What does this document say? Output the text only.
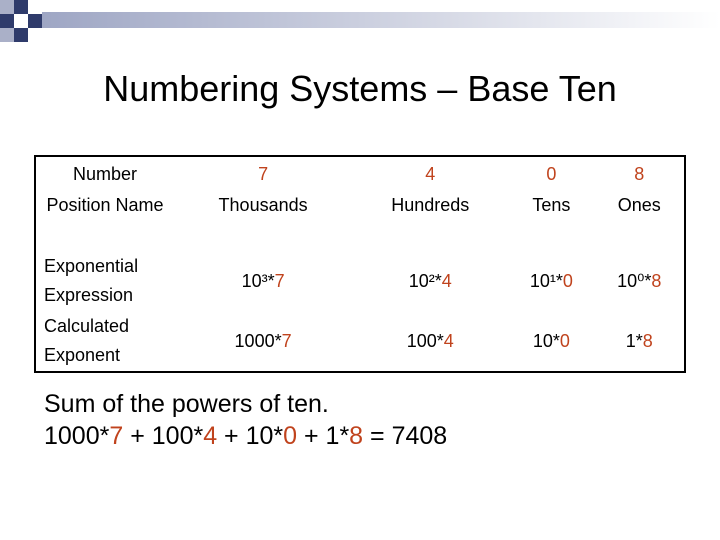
Numbering Systems – Base Ten
Number	7	4	0	8
Position Name	Thousands	Hundreds	Tens	Ones
Exponential Expression	10³*7	10²*4	10¹*0	10⁰*8
Calculated Exponent	1000*7	100*4	10*0	1*8
Sum of the powers of ten.
1000*7 + 100*4 + 10*0 + 1*8 = 7408
